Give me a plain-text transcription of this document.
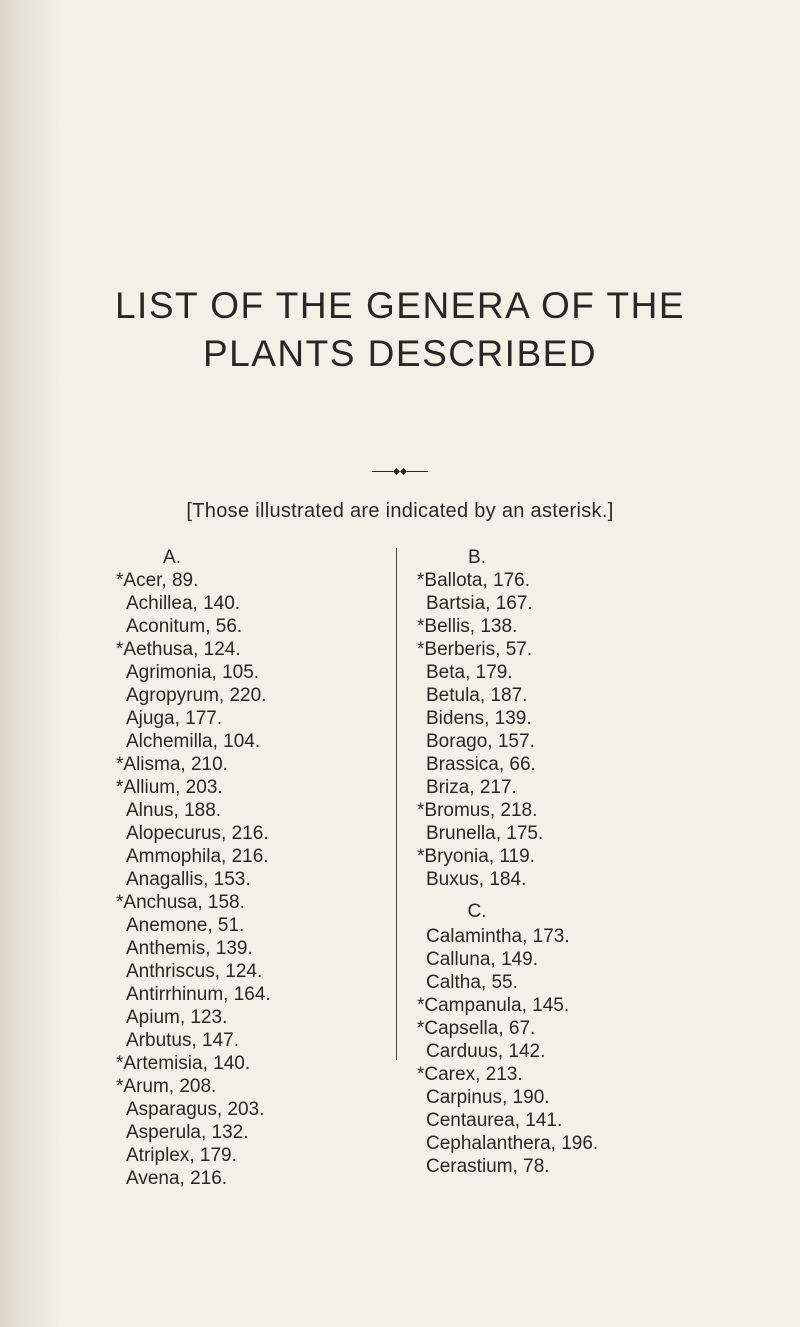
LIST OF THE GENERA OF THE
PLANTS DESCRIBED
[Those illustrated are indicated by an asterisk.]
A.
*Acer, 89.
Achillea, 140.
Aconitum, 56.
*Aethusa, 124.
Agrimonia, 105.
Agropyrum, 220.
Ajuga, 177.
Alchemilla, 104.
*Alisma, 210.
*Allium, 203.
Alnus, 188.
Alopecurus, 216.
Ammophila, 216.
Anagallis, 153.
*Anchusa, 158.
Anemone, 51.
Anthemis, 139.
Anthriscus, 124.
Antirrhinum, 164.
Apium, 123.
Arbutus, 147.
*Artemisia, 140.
*Arum, 208.
Asparagus, 203.
Asperula, 132.
Atriplex, 179.
Avena, 216.
B.
*Ballota, 176.
Bartsia, 167.
*Bellis, 138.
*Berberis, 57.
Beta, 179.
Betula, 187.
Bidens, 139.
Borago, 157.
Brassica, 66.
Briza, 217.
*Bromus, 218.
Brunella, 175.
*Bryonia, 119.
Buxus, 184.
C.
Calamintha, 173.
Calluna, 149.
Caltha, 55.
*Campanula, 145.
*Capsella, 67.
Carduus, 142.
*Carex, 213.
Carpinus, 190.
Centaurea, 141.
Cephalanthera, 196.
Cerastium, 78.
